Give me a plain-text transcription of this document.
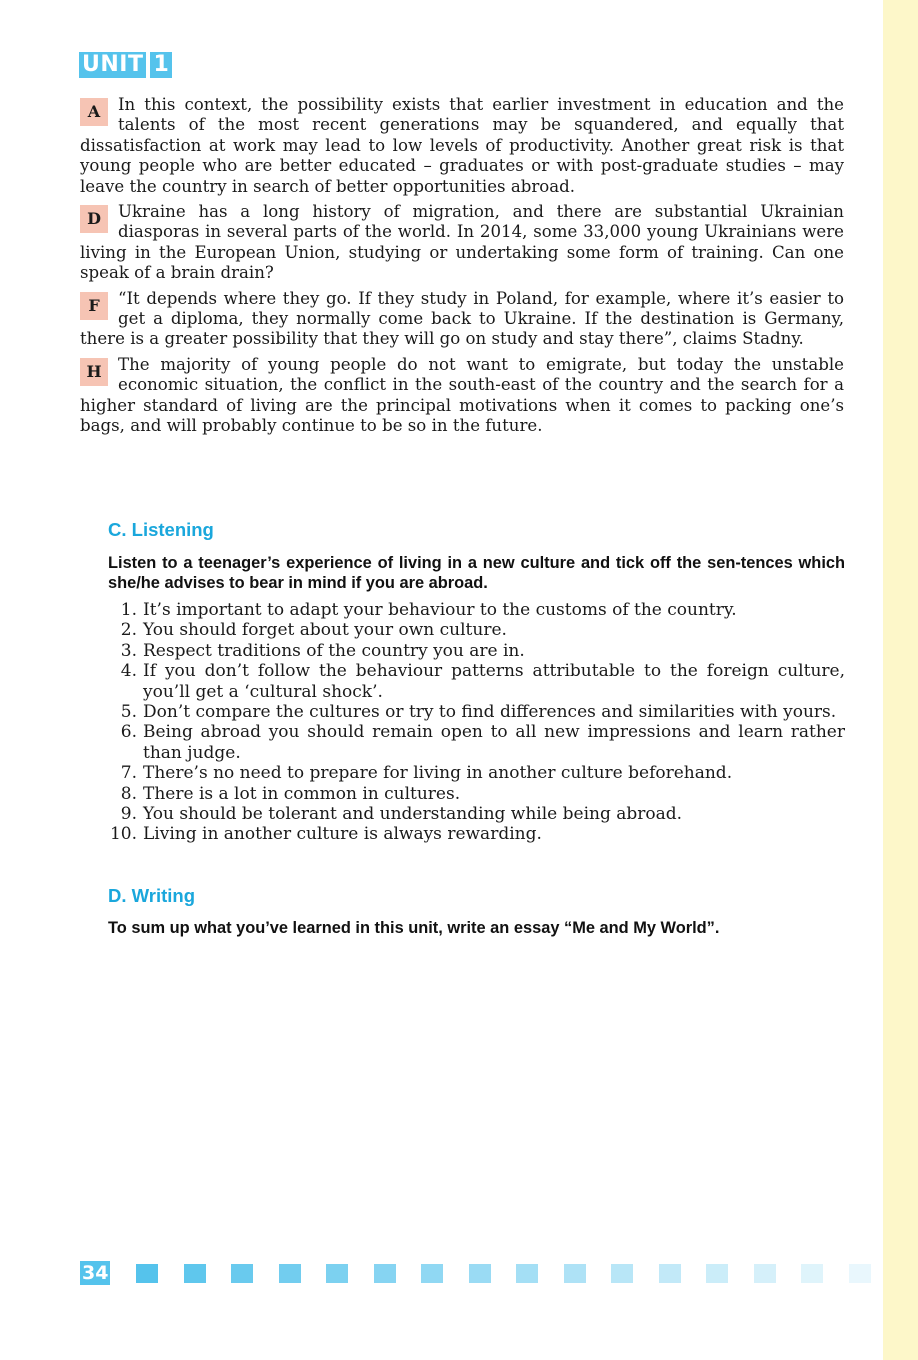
UNIT 1

A	In this context, the possibility exists that earlier investment in education and the talents of the most recent generations may be squandered, and equally that dissatisfaction at work may lead to low levels of productivity. Another great risk is that young people who are better educated – graduates or with post-graduate studies – may leave the country in search of better opportunities abroad.

D	Ukraine has a long history of migration, and there are substantial Ukrainian diasporas in several parts of the world. In 2014, some 33,000 young Ukrainians were living in the European Union, studying or undertaking some form of training. Can one speak of a brain drain?

F	“It depends where they go. If they study in Poland, for example, where it’s easier to get a diploma, they normally come back to Ukraine. If the destination is Germany, there is a greater possibility that they will go on study and stay there”, claims Stadny.

H The majority of young people do not want to emigrate, but today the unstable economic situation, the conflict in the south-east of the country and the search for a higher standard of living are the principal motivations when it comes to packing one’s bags, and will probably continue to be so in the future.

C. Listening

Listen to a teenager’s experience of living in a new culture and tick off the sen-tences which she/he advises to bear in mind if you are abroad.

1 . It’s important to adapt your behaviour to the customs of the country.
2 . You should forget about your own culture.
3 . Respect traditions of the country you are in.
4 . If you don’t follow the behaviour patterns attributable to the foreign culture, you’ll get a ‘cultural shock’.
5 . Don’t compare the cultures or try to find differences and similarities with yours.
6 . Being abroad you should remain open to all new impressions and learn rather than judge.
7 . There’s no need to prepare for living in another culture beforehand.
8 . There is a lot in common in cultures.
9 . You should be tolerant and understanding while being abroad.
10 . Living in another culture is always rewarding.
D. Writing

To sum up what you’ve learned in this unit, write an essay “Me and My World”.

34
